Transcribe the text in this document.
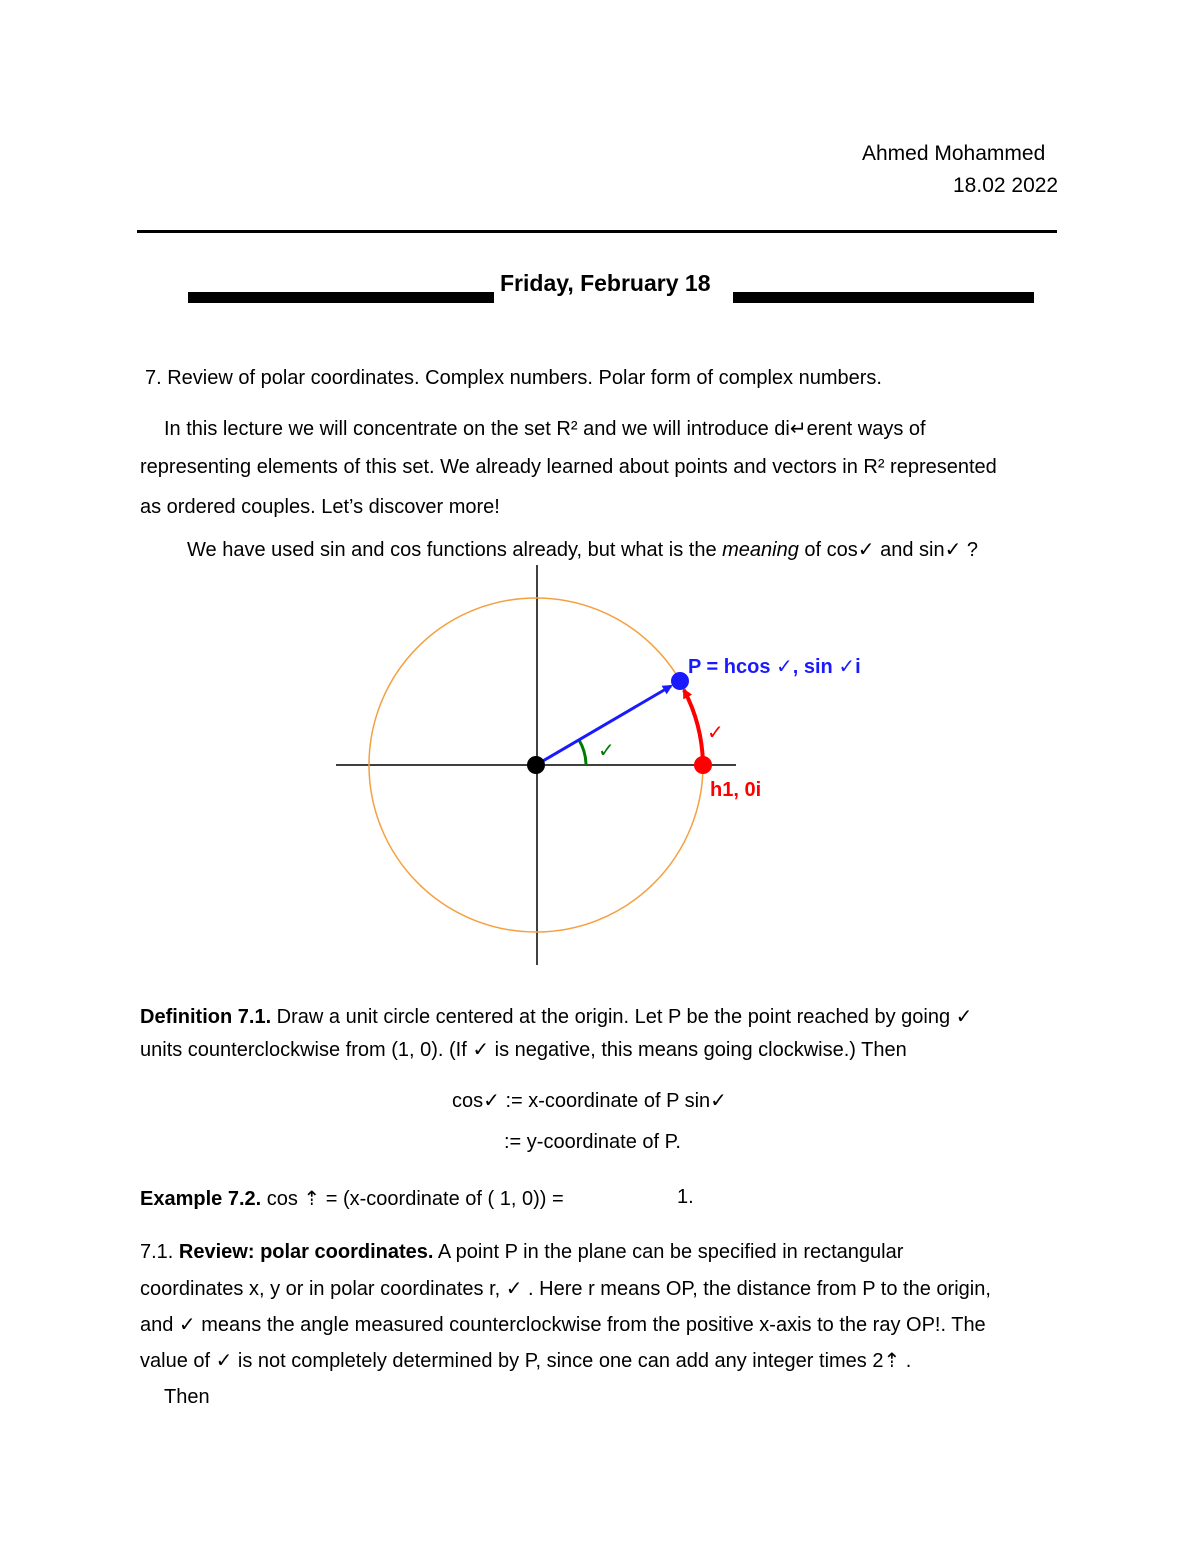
Ahmed Mohammed
18.02 2022
Friday, February 18
7. Review of polar coordinates. Complex numbers. Polar form of complex numbers.
In this lecture we will concentrate on the set R² and we will introduce di↵erent ways of
representing elements of this set. We already learned about points and vectors in R² represented
as ordered couples. Let’s discover more!
We have used sin and cos functions already, but what is the meaning of cos✓ and sin✓ ?
P = hcos ✓, sin ✓i
✓
✓
h1, 0i
Definition 7.1. Draw a unit circle centered at the origin. Let P be the point reached by going ✓
units counterclockwise from (1, 0). (If ✓ is negative, this means going clockwise.) Then
cos✓ := x-coordinate of P sin✓
:= y-coordinate of P.
Example 7.2. cos ⇡ = (x-coordinate of ( 1, 0)) =	1.
7.1. Review: polar coordinates. A point P in the plane can be specified in rectangular
coordinates x, y or in polar coordinates r, ✓ . Here r means OP, the distance from P to the origin,
and ✓ means the angle measured counterclockwise from the positive x-axis to the ray OP!. The
value of ✓ is not completely determined by P, since one can add any integer times 2⇡ .
Then
